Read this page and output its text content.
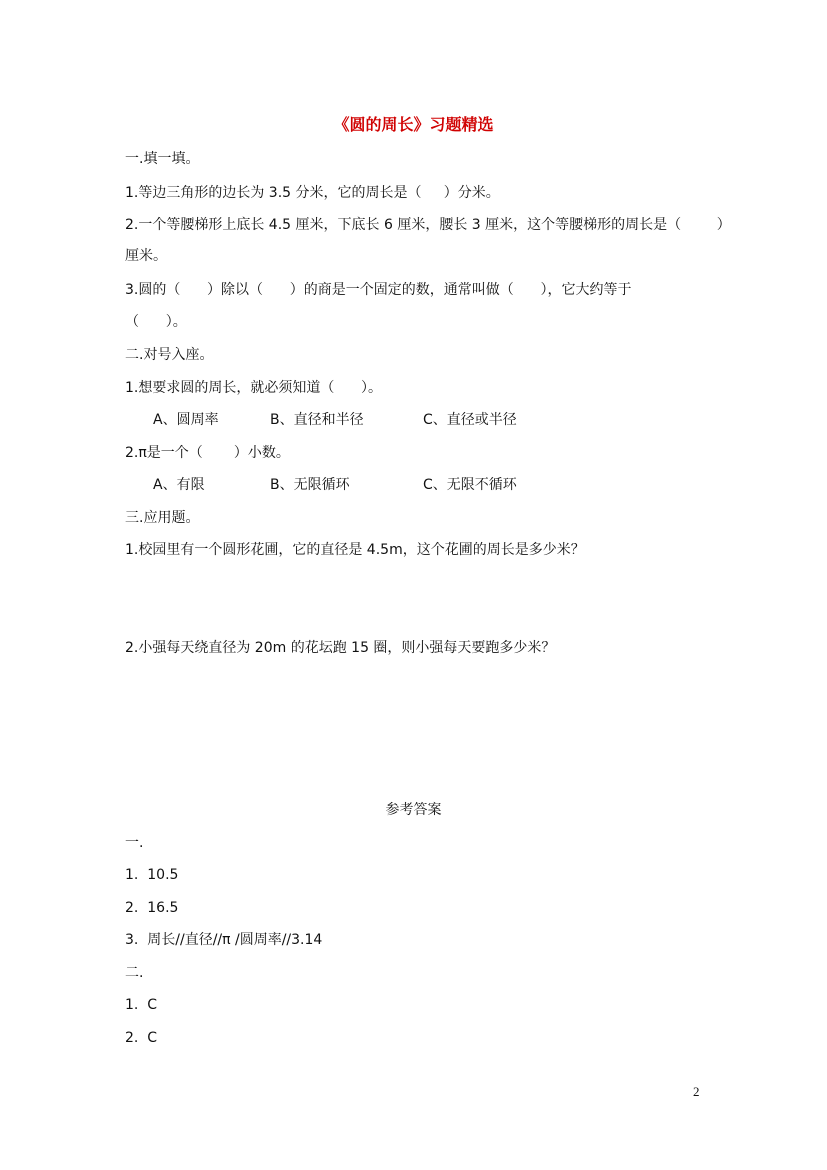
《圆的周长》习题精选
一.填一填。
1.等边三角形的边长为 3.5 分米，它的周长是（     ）分米。
2.一个等腰梯形上底长 4.5 厘米，下底长 6 厘米，腰长 3 厘米，这个等腰梯形的周长是（        ）
厘米。
3.圆的（      ）除以（      ）的商是一个固定的数，通常叫做（      ），它大约等于
（      ）。
二.对号入座。
1.想要求圆的周长，就必须知道（      ）。
A、圆周率	B、直径和半径	C、直径或半径
2.π是一个（       ）小数。
A、有限	B、无限循环	C、无限不循环
三.应用题。
1.校园里有一个圆形花圃，它的直径是 4.5m，这个花圃的周长是多少米？
2.小强每天绕直径为 20m 的花坛跑 15 圈，则小强每天要跑多少米？
参考答案
一.
1.  10.5
2.  16.5
3.  周长//直径//π /圆周率//3.14
二.
1.  C
2.  C
2
